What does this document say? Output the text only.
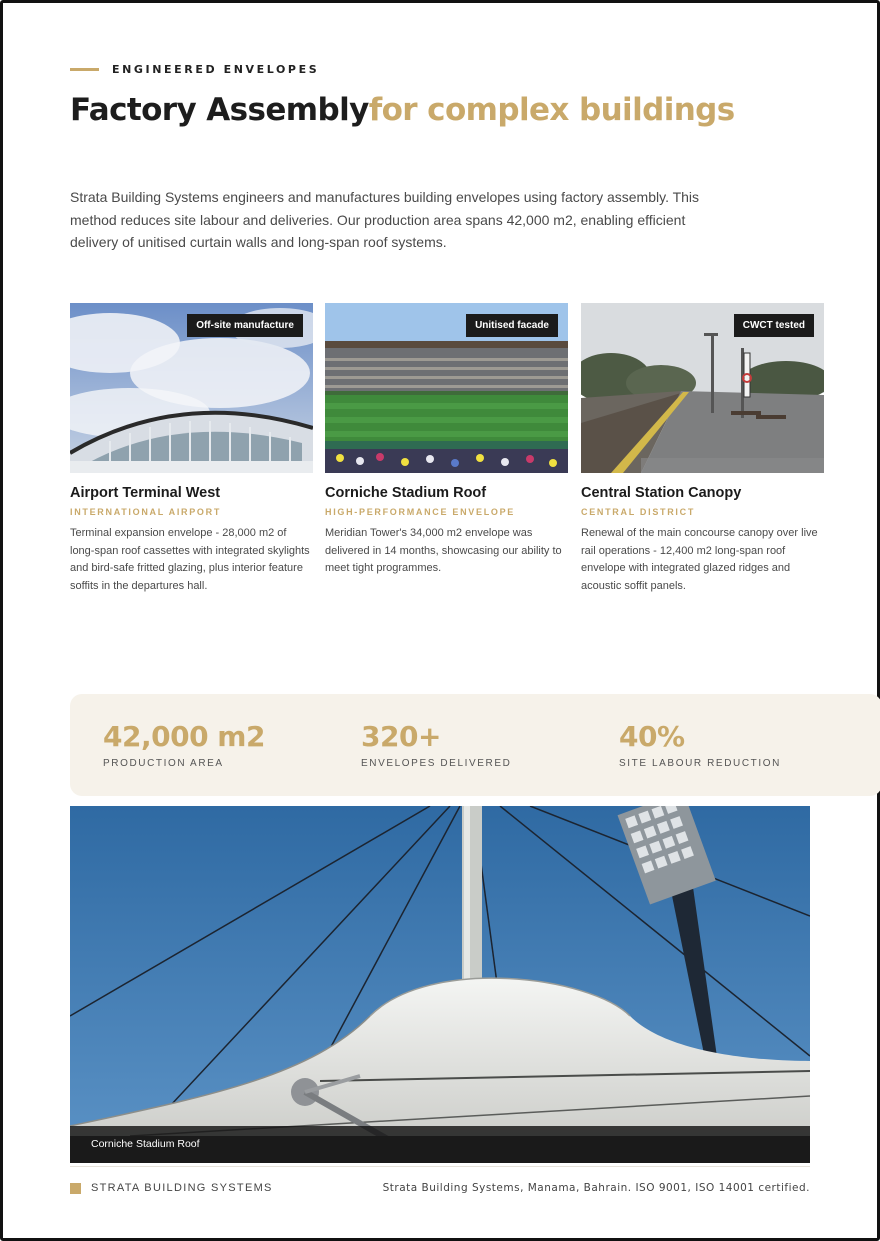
ENGINEERED ENVELOPES
Factory Assemblyfor complex buildings

Strata Building Systems engineers and manufactures building envelopes using factory assembly. This method reduces site labour and deliveries. Our production area spans 42,000 m2, enabling efficient delivery of unitised curtain walls and long-span roof systems.

Off-site manufacture
Airport Terminal West
INTERNATIONAL AIRPORT
Terminal expansion envelope - 28,000 m2 of long-span roof cassettes with integrated skylights and bird-safe fritted glazing, plus interior feature soffits in the departures hall.
Unitised facade
Corniche Stadium Roof
HIGH-PERFORMANCE ENVELOPE
Meridian Tower's 34,000 m2 envelope was delivered in 14 months, showcasing our ability to meet tight programmes.
CWCT tested
Central Station Canopy
CENTRAL DISTRICT
Renewal of the main concourse canopy over live rail operations - 12,400 m2 long-span roof envelope with integrated glazed ridges and acoustic soffit panels.
42,000 m2
PRODUCTION AREA
320+
ENVELOPES DELIVERED
40%
SITE LABOUR REDUCTION
Corniche Stadium Roof
STRATA BUILDING SYSTEMS	Strata Building Systems, Manama, Bahrain. ISO 9001, ISO 14001 certified.
